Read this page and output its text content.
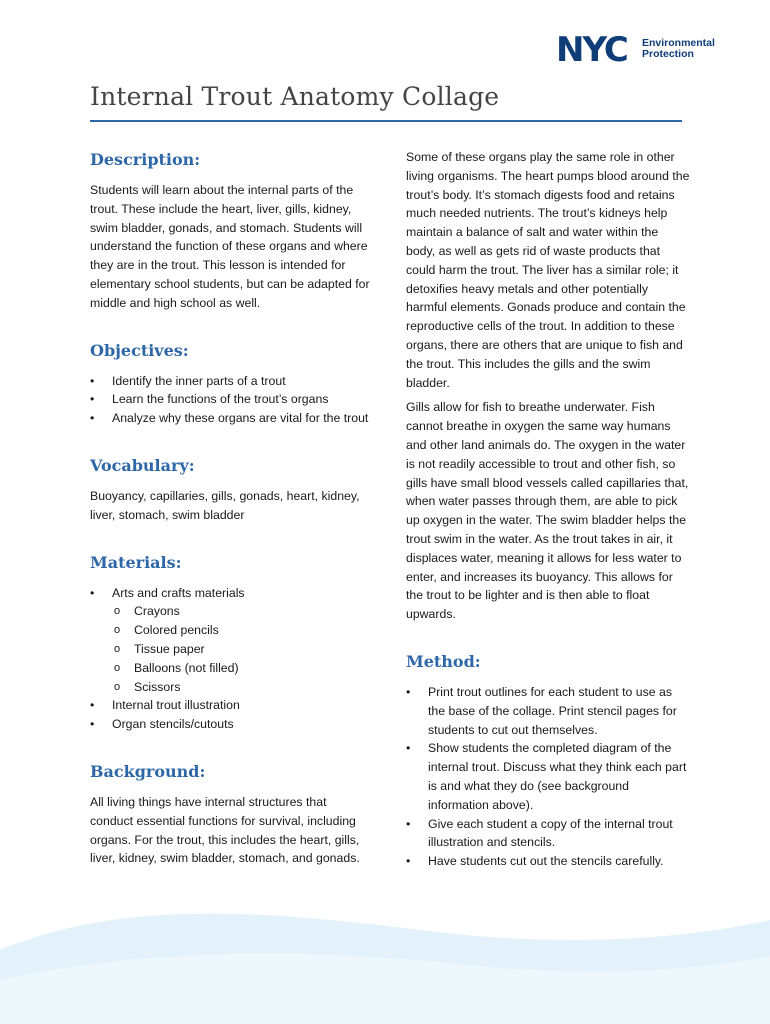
NYC Environmental
Protection
Internal Trout Anatomy Collage
Description:

Students will learn about the internal parts of the trout. These include the heart, liver, gills, kidney, swim bladder, gonads, and stomach. Students will understand the function of these organs and where they are in the trout. This lesson is intended for elementary school students, but can be adapted for middle and high school as well.

Objectives:
• Identify the inner parts of a trout
• Learn the functions of the trout’s organs
• Analyze why these organs are vital for the trout
Vocabulary:

Buoyancy, capillaries, gills, gonads, heart, kidney, liver, stomach, swim bladder

Materials:
• Arts and crafts materials
o Crayons
o Colored pencils
o Tissue paper
o Balloons (not filled)
o Scissors
• Internal trout illustration
• Organ stencils/cutouts
Background:

All living things have internal structures that conduct essential functions for survival, including organs. For the trout, this includes the heart, gills, liver, kidney, swim bladder, stomach, and gonads.

Some of these organs play the same role in other living organisms. The heart pumps blood around the trout’s body. It’s stomach digests food and retains much needed nutrients. The trout’s kidneys help maintain a balance of salt and water within the body, as well as gets rid of waste products that could harm the trout. The liver has a similar role; it detoxifies heavy metals and other potentially harmful elements. Gonads produce and contain the reproductive cells of the trout. In addition to these organs, there are others that are unique to fish and the trout. This includes the gills and the swim bladder.

Gills allow for fish to breathe underwater. Fish cannot breathe in oxygen the same way humans and other land animals do. The oxygen in the water is not readily accessible to trout and other fish, so gills have small blood vessels called capillaries that, when water passes through them, are able to pick up oxygen in the water. The swim bladder helps the trout swim in the water. As the trout takes in air, it displaces water, meaning it allows for less water to enter, and increases its buoyancy. This allows for the trout to be lighter and is then able to float upwards.

Method:
• Print trout outlines for each student to use as the base of the collage. Print stencil pages for students to cut out themselves.
• Show students the completed diagram of the internal trout. Discuss what they think each part is and what they do (see background information above).
• Give each student a copy of the internal trout illustration and stencils.
• Have students cut out the stencils carefully.
